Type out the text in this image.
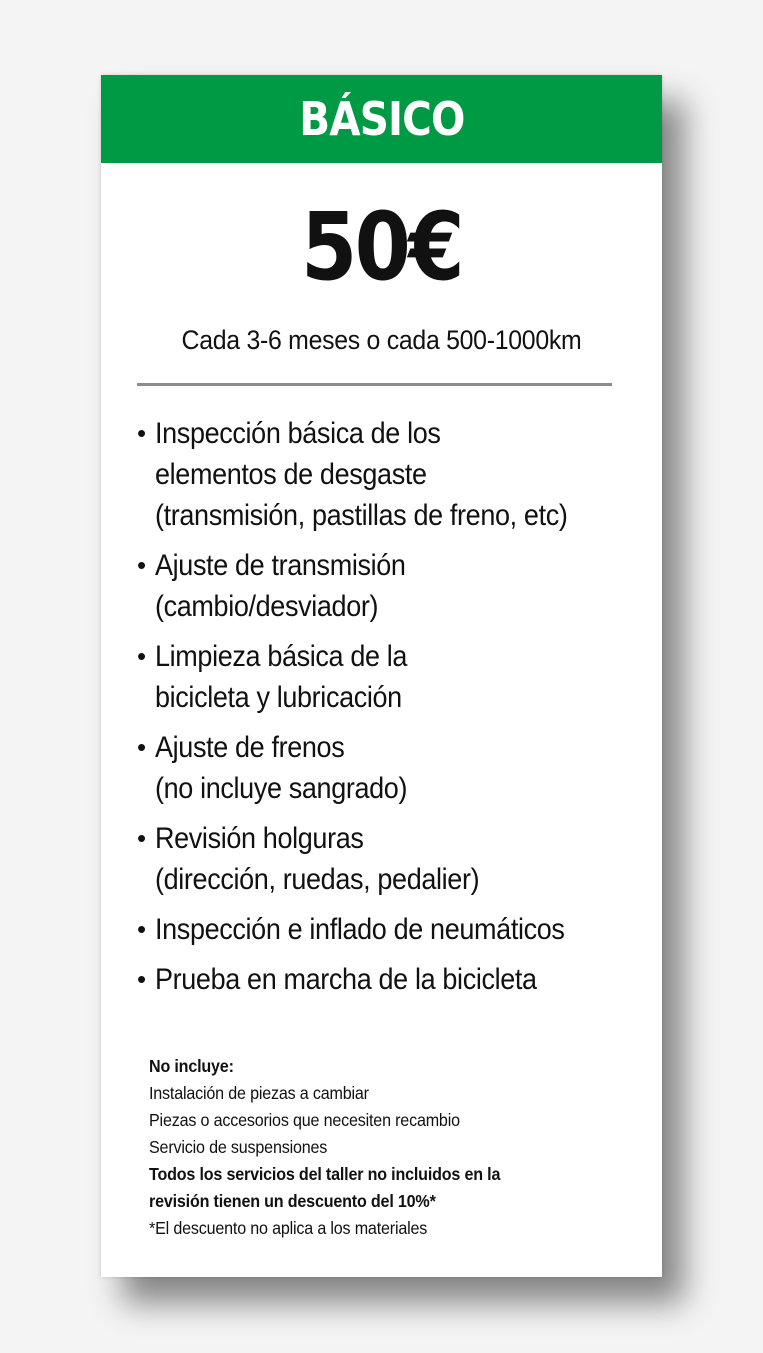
BÁSICO
50€
Cada 3-6 meses o cada 500-1000km
• Inspección básica de los
elementos de desgaste
(transmisión, pastillas de freno, etc)
• Ajuste de transmisión
(cambio/desviador)
• Limpieza básica de la
bicicleta y lubricación
• Ajuste de frenos
(no incluye sangrado)
• Revisión holguras
(dirección, ruedas, pedalier)
• Inspección e inflado de neumáticos
• Prueba en marcha de la bicicleta
No incluye:
Instalación de piezas a cambiar
Piezas o accesorios que necesiten recambio
Servicio de suspensiones
Todos los servicios del taller no incluidos en la
revisión tienen un descuento del 10%*
*El descuento no aplica a los materiales
